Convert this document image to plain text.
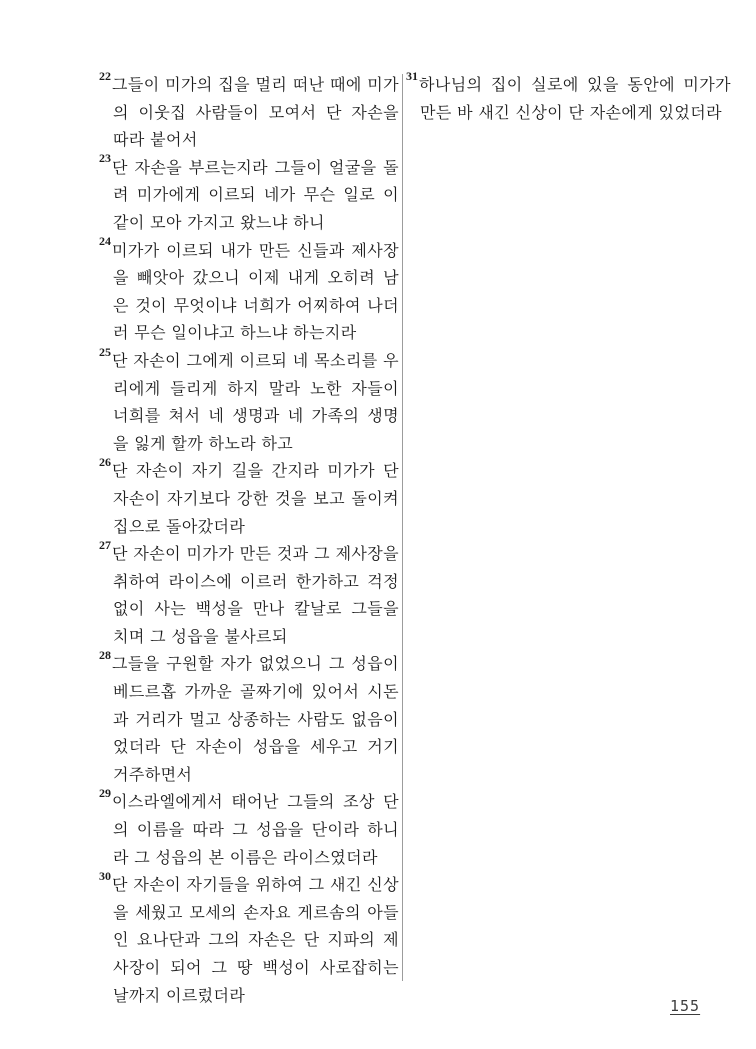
$^{22}$그들이 미가의 집을 멀리 떠난 때에 미가의 이웃집 사람들이 모여서 단 자손을 따라 붙어서

$^{23}$단 자손을 부르는지라 그들이 얼굴을 돌려 미가에게 이르되 네가 무슨 일로 이같이 모아 가지고 왔느냐 하니

$^{24}$미가가 이르되 내가 만든 신들과 제사장을 빼앗아 갔으니 이제 내게 오히려 남은 것이 무엇이냐 너희가 어찌하여 나더러 무슨 일이냐고 하느냐 하는지라

$^{25}$단 자손이 그에게 이르되 네 목소리를 우리에게 들리게 하지 말라 노한 자들이 너희를 쳐서 네 생명과 네 가족의 생명을 잃게 할까 하노라 하고

$^{26}$단 자손이 자기 길을 간지라 미가가 단 자손이 자기보다 강한 것을 보고 돌이켜 집으로 돌아갔더라

$^{27}$단 자손이 미가가 만든 것과 그 제사장을 취하여 라이스에 이르러 한가하고 걱정 없이 사는 백성을 만나 칼날로 그들을 치며 그 성읍을 불사르되

$^{28}$그들을 구원할 자가 없었으니 그 성읍이 베드르홉 가까운 골짜기에 있어서 시돈과 거리가 멀고 상종하는 사람도 없음이었더라 단 자손이 성읍을 세우고 거기 거주하면서

$^{29}$이스라엘에게서 태어난 그들의 조상 단의 이름을 따라 그 성읍을 단이라 하니라 그 성읍의 본 이름은 라이스였더라

$^{30}$단 자손이 자기들을 위하여 그 새긴 신상을 세웠고 모세의 손자요 게르솜의 아들인 요나단과 그의 자손은 단 지파의 제사장이 되어 그 땅 백성이 사로잡히는 날까지 이르렀더라

$^{31}$하나님의 집이 실로에 있을 동안에 미가가 만든 바 새긴 신상이 단 자손에게 있었더라

155
